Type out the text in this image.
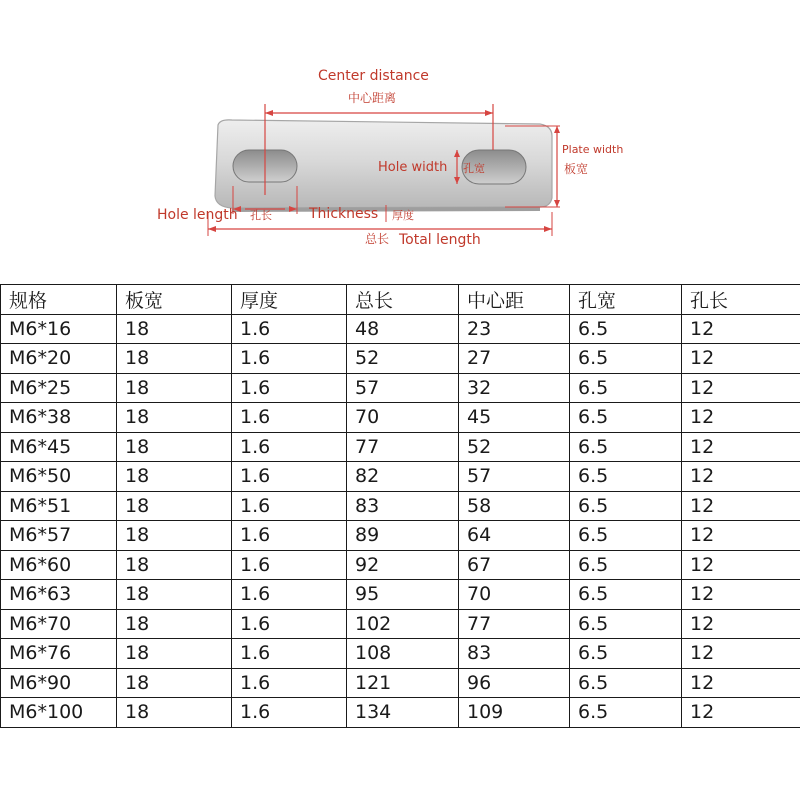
Center distance
中心距离
Plate width
板宽
Hole width 孔宽
Hole length 孔长	Thickness 厚度
总长 Total length
规格	板宽	厚度	总长	中心距	孔宽	孔长
M6*16	18	1.6	48	23	6.5	12
M6*20	18	1.6	52	27	6.5	12
M6*25	18	1.6	57	32	6.5	12
M6*38	18	1.6	70	45	6.5	12
M6*45	18	1.6	77	52	6.5	12
M6*50	18	1.6	82	57	6.5	12
M6*51	18	1.6	83	58	6.5	12
M6*57	18	1.6	89	64	6.5	12
M6*60	18	1.6	92	67	6.5	12
M6*63	18	1.6	95	70	6.5	12
M6*70	18	1.6	102	77	6.5	12
M6*76	18	1.6	108	83	6.5	12
M6*90	18	1.6	121	96	6.5	12
M6*100	18	1.6	134	109	6.5	12
